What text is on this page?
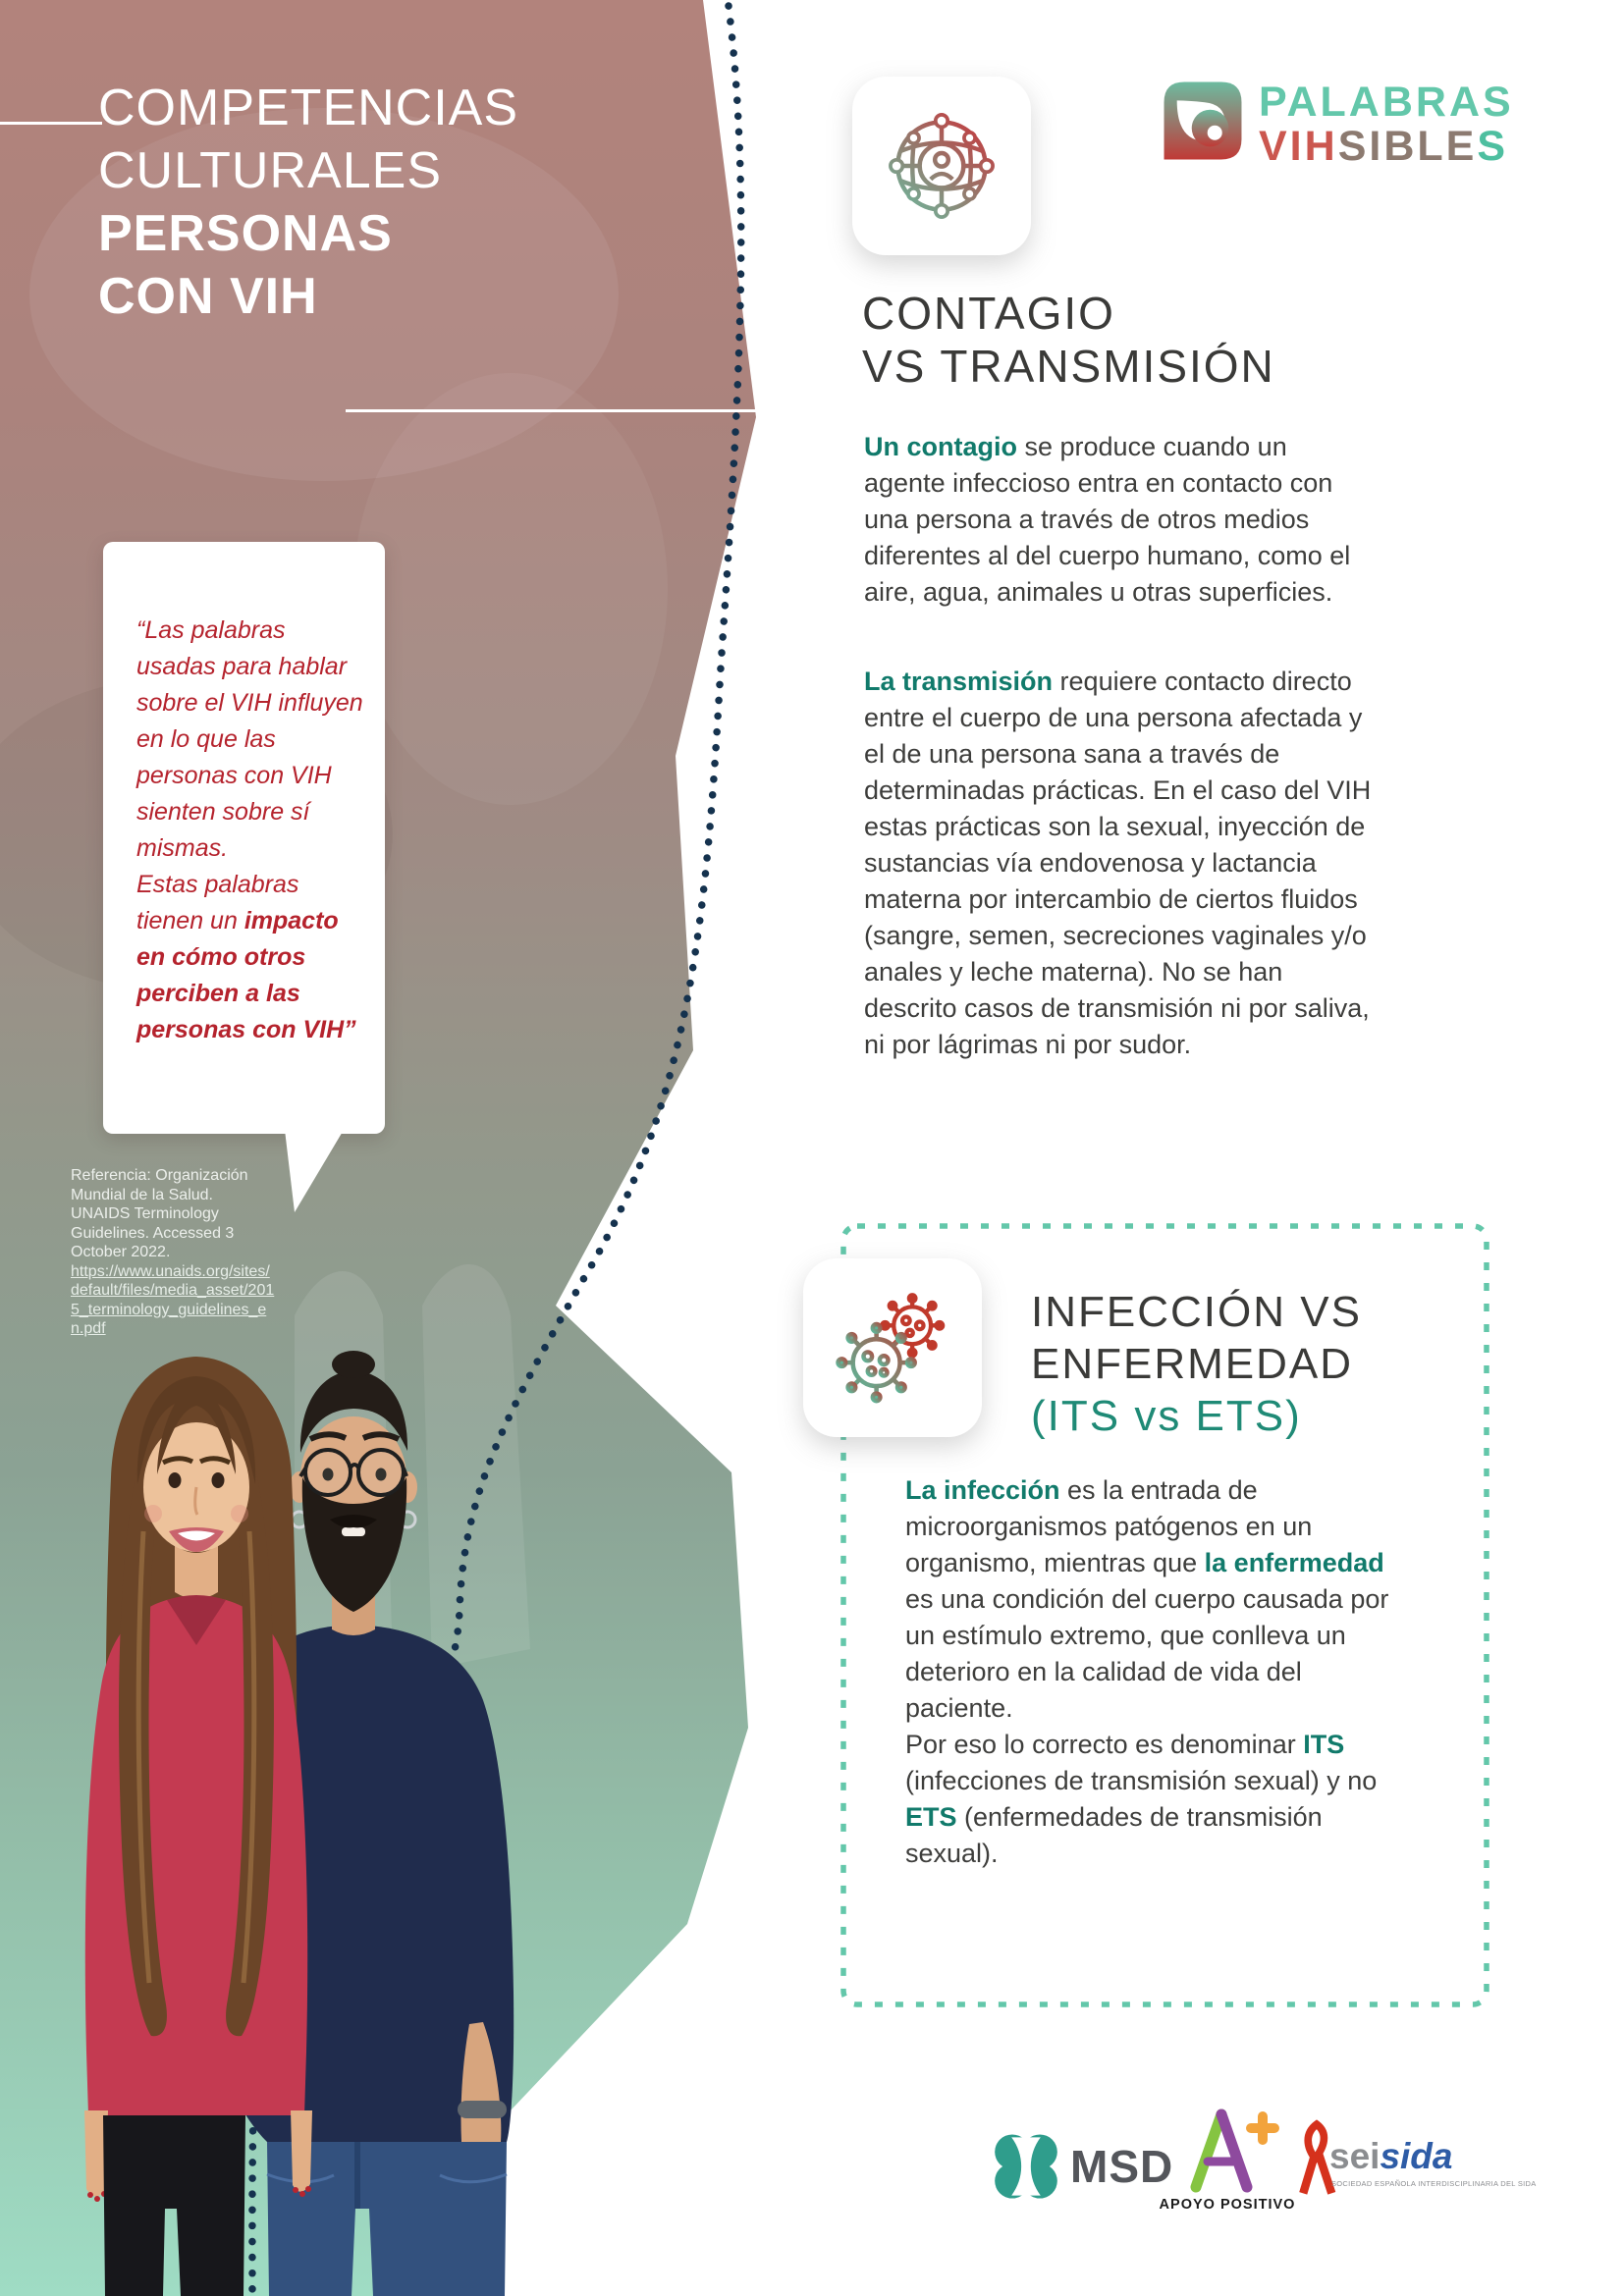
COMPETENCIAS
CULTURALES
PERSONAS
CON VIH
“Las palabras usadas para hablar sobre el VIH influyen en lo que las personas con VIH sienten sobre sí mismas.
Estas palabras tienen un impacto en cómo otros perciben a las personas con VIH”
Referencia: Organización Mundial de la Salud. UNAIDS Terminology Guidelines. Accessed 3 October 2022. https://www.unaids.org/sites/default/files/media_asset/2015_terminology_guidelines_en.pdf
PALABRAS
VIHSIBLES
CONTAGIO
VS TRANSMISIÓN
Un contagio se produce cuando un agente infeccioso entra en contacto con una persona a través de otros medios diferentes al del cuerpo humano, como el aire, agua, animales u otras superficies.
La transmisión requiere contacto directo entre el cuerpo de una persona afectada y el de una persona sana a través de determinadas prácticas. En el caso del VIH estas prácticas son la sexual, inyección de sustancias vía endovenosa y lactancia materna por intercambio de ciertos fluidos (sangre, semen, secreciones vaginales y/o anales y leche materna). No se han descrito casos de transmisión ni por saliva, ni por lágrimas ni por sudor.
INFECCIÓN VS
ENFERMEDAD
(ITS vs ETS)
La infección es la entrada de microorganismos patógenos en un organismo, mientras que la enfermedad es una condición del cuerpo causada por un estímulo extremo, que conlleva un deterioro en la calidad de vida del paciente.
Por eso lo correcto es denominar ITS (infecciones de transmisión sexual) y no ETS (enfermedades de transmisión sexual).
MSD
APOYO POSITIVO
seisida
SOCIEDAD ESPAÑOLA INTERDISCIPLINARIA DEL SIDA
